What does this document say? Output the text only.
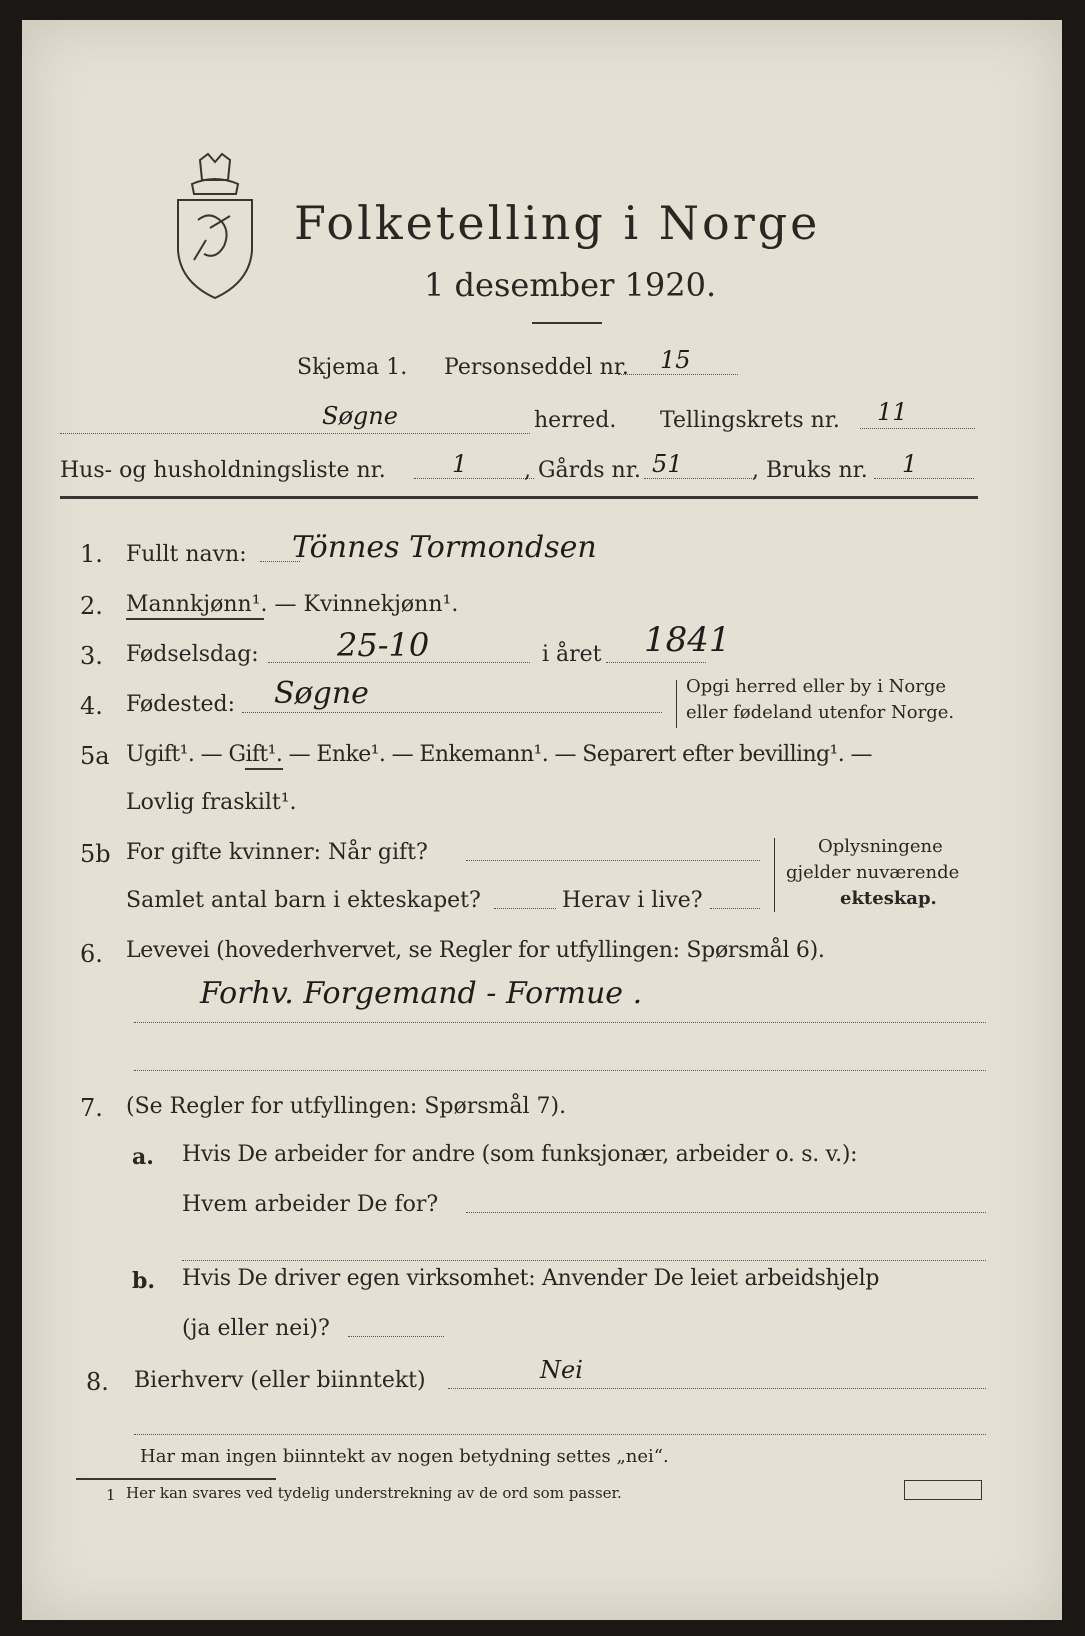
Folketelling i Norge
1 desember 1920.
Skjema 1. Personseddel nr. 15
Søgne	herred. Tellingskrets nr. 11
Hus- og husholdningsliste nr.	1	, Gårds nr. 51	, Bruks nr. 1
1. Fullt navn: Tönnes Tormondsen
2. Mannkjønn¹. — Kvinnekjønn¹.
3. Fødselsdag: 25-10	i året 1841
4. Fødested: Søgne	Opgi herred eller by i Norge
eller fødeland utenfor Norge.
5a Ugift¹. — Gift¹. — Enke¹. — Enkemann¹. — Separert efter bevilling¹. —
Lovlig fraskilt¹.
5b For gifte kvinner: Når gift?
Samlet antal barn i ekteskapet?	Herav i live?
Oplysningene
gjelder nuværende
ekteskap.
6. Levevei (hovederhvervet, se Regler for utfyllingen: Spørsmål 6).
Forhv. Forgemand - Formue .
7. (Se Regler for utfyllingen: Spørsmål 7).
a. Hvis De arbeider for andre (som funksjonær, arbeider o. s. v.):
Hvem arbeider De for?
b. Hvis De driver egen virksomhet: Anvender De leiet arbeidshjelp
(ja eller nei)?
8. Bierhverv (eller biinntekt)	Nei
Har man ingen biinntekt av nogen betydning settes „nei“.
1 Her kan svares ved tydelig understrekning av de ord som passer.
